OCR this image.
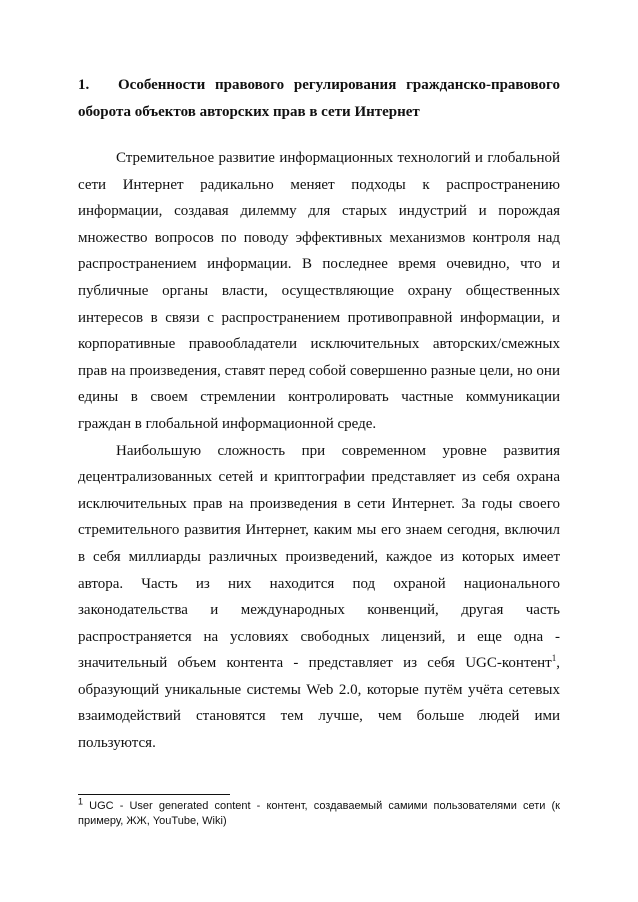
1. Особенности правового регулирования гражданско-правового оборота объектов авторских прав в сети Интернет

Стремительное развитие информационных технологий и глобальной сети Интернет радикально меняет подходы к распространению информации, создавая дилемму для старых индустрий и порождая множество вопросов по поводу эффективных механизмов контроля над распространением информации. В последнее время очевидно, что и публичные органы власти, осуществляющие охрану общественных интересов в связи с распространением противоправной информации, и корпоративные правообладатели исключительных авторских/смежных прав на произведения, ставят перед собой совершенно разные цели, но они едины в своем стремлении контролировать частные коммуникации граждан в глобальной информационной среде.

Наибольшую сложность при современном уровне развития децентрализованных сетей и криптографии представляет из себя охрана исключительных прав на произведения в сети Интернет. За годы своего стремительного развития Интернет, каким мы его знаем сегодня, включил в себя миллиарды различных произведений, каждое из которых имеет автора. Часть из них находится под охраной национального законодательства и международных конвенций, другая часть распространяется на условиях свободных лицензий, и еще одна - значительный объем контента - представляет из себя UGC-контент$^1$, образующий уникальные системы Web 2.0, которые путём учёта сетевых взаимодействий становятся тем лучше, чем больше людей ими пользуются.

$^1$ UGC - User generated content - контент, создаваемый самими пользователями сети (к примеру, ЖЖ, YouTube, Wiki)
